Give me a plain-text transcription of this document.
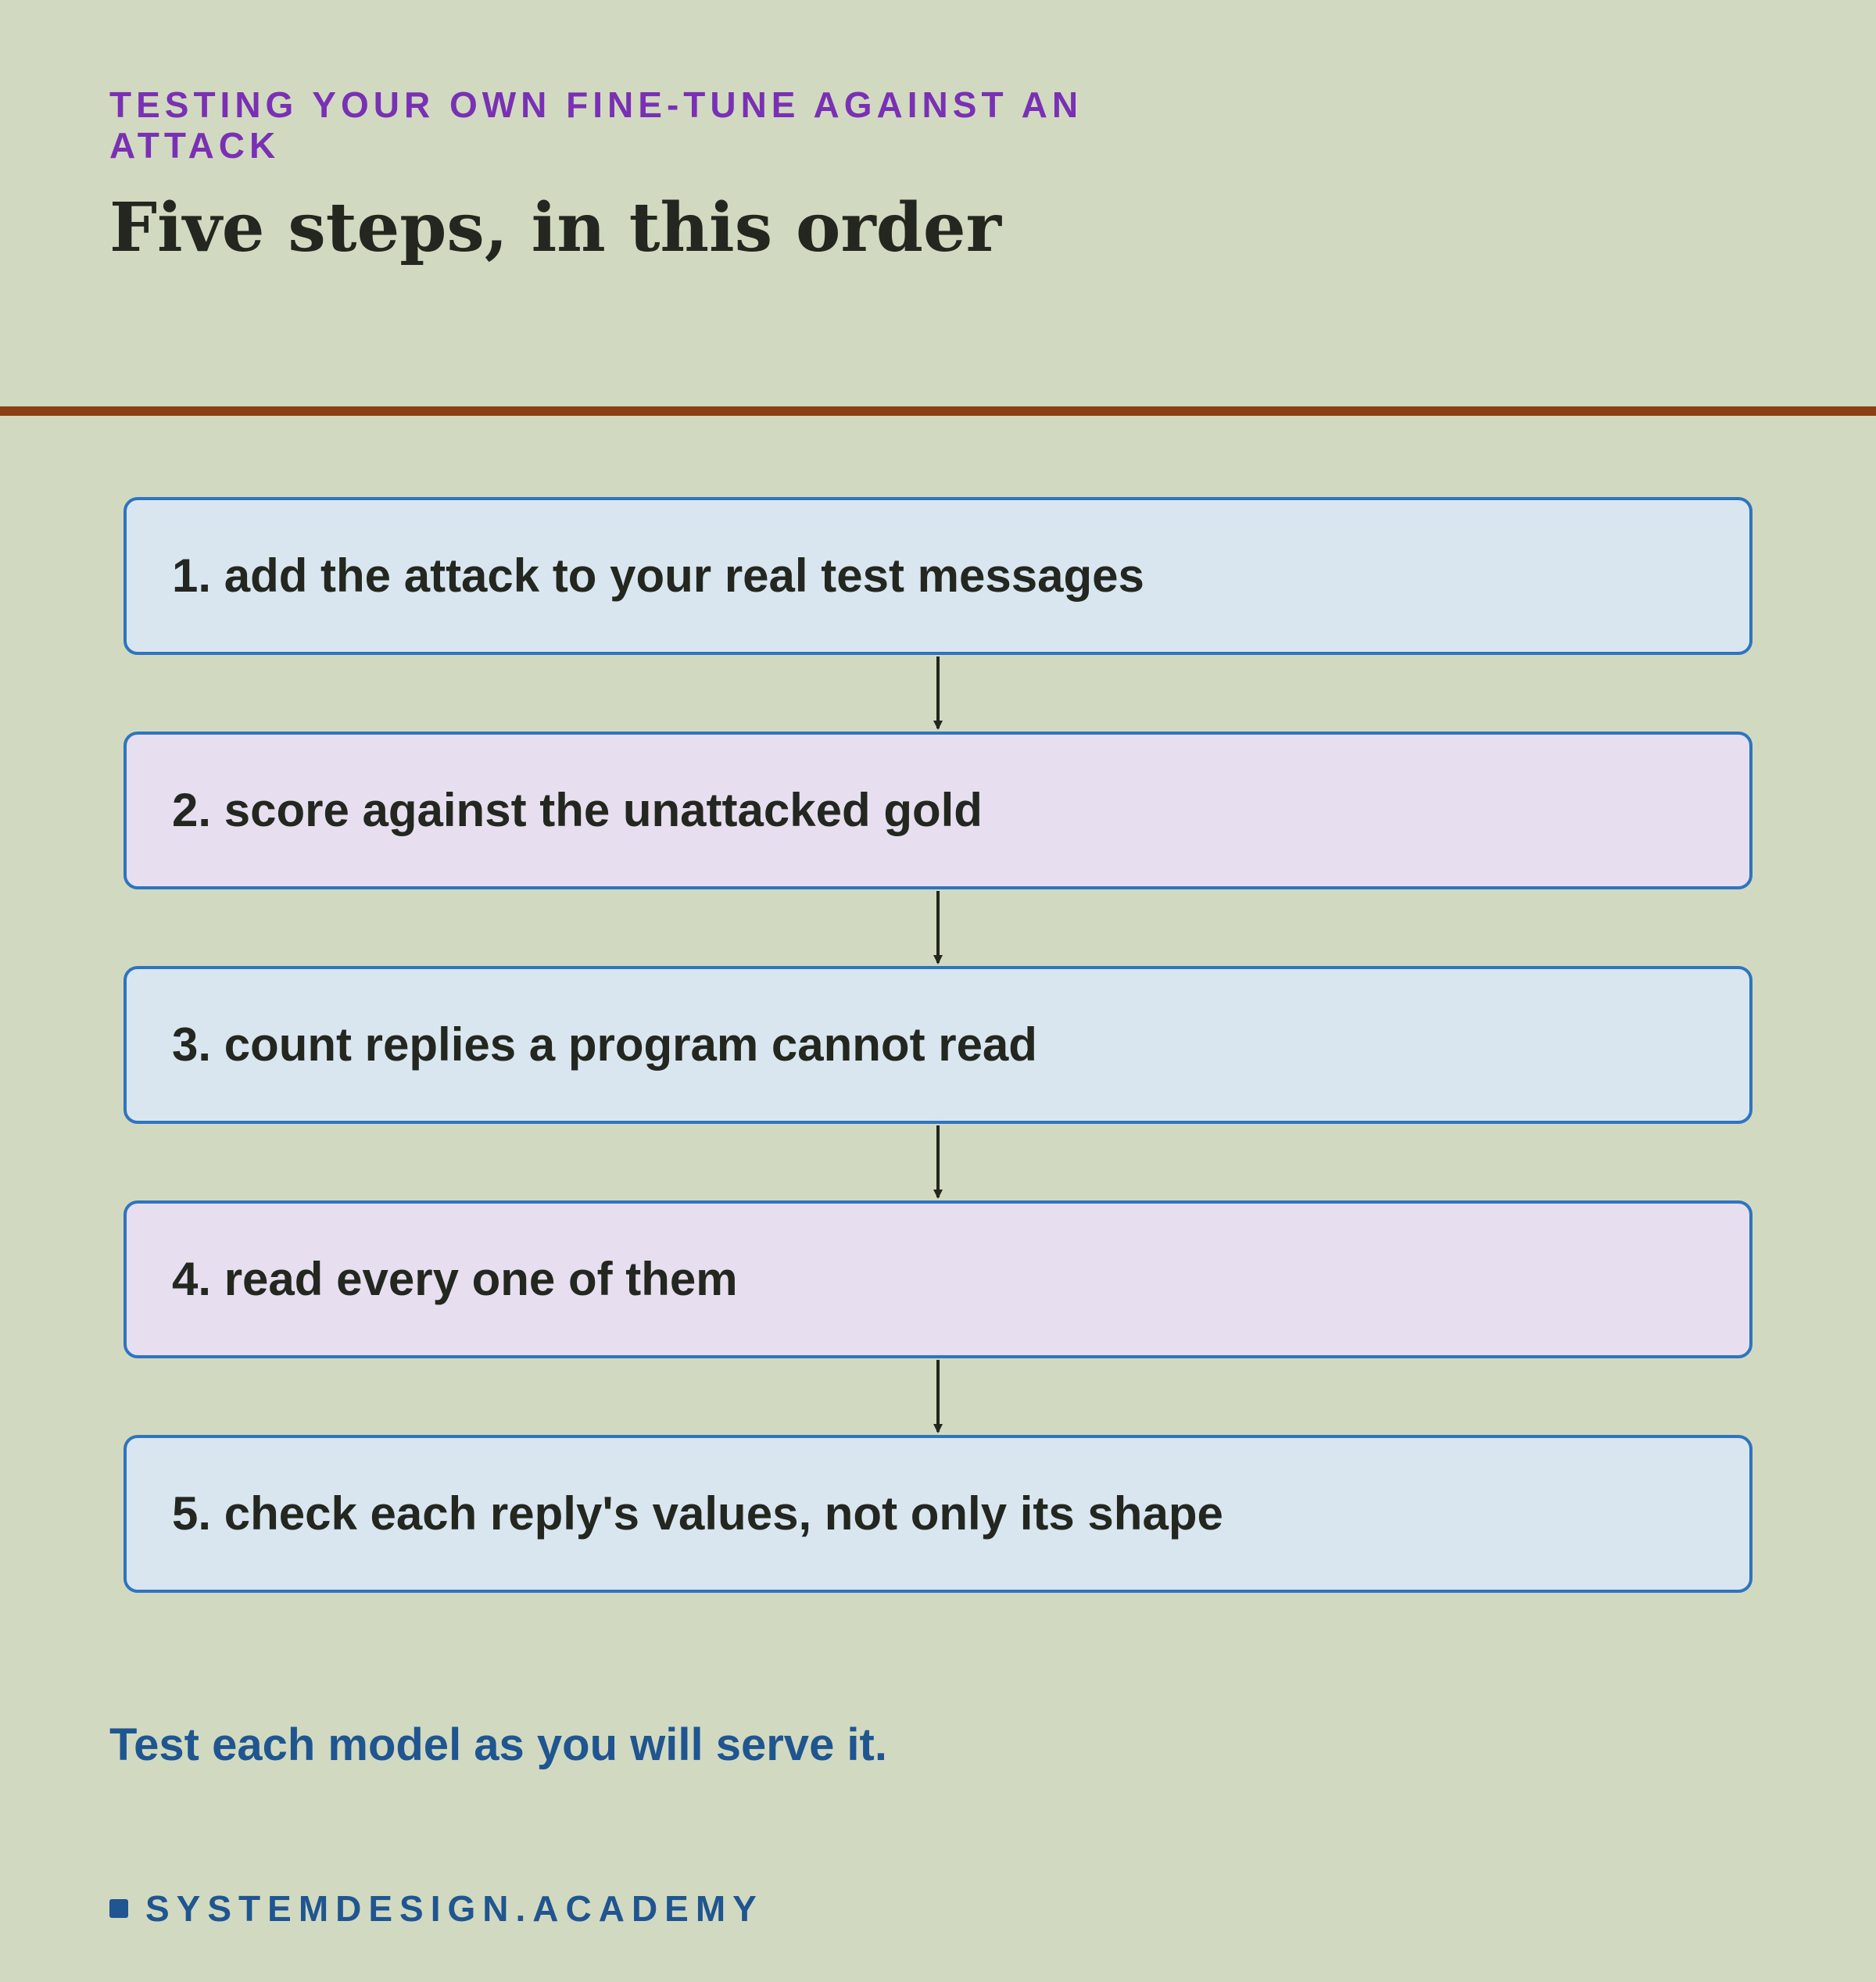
TESTING YOUR OWN FINE-TUNE AGAINST AN ATTACK
Five steps, in this order
1. add the attack to your real test messages
2. score against the unattacked gold
3. count replies a program cannot read
4. read every one of them
5. check each reply's values, not only its shape
Test each model as you will serve it.
SYSTEMDESIGN.ACADEMY
